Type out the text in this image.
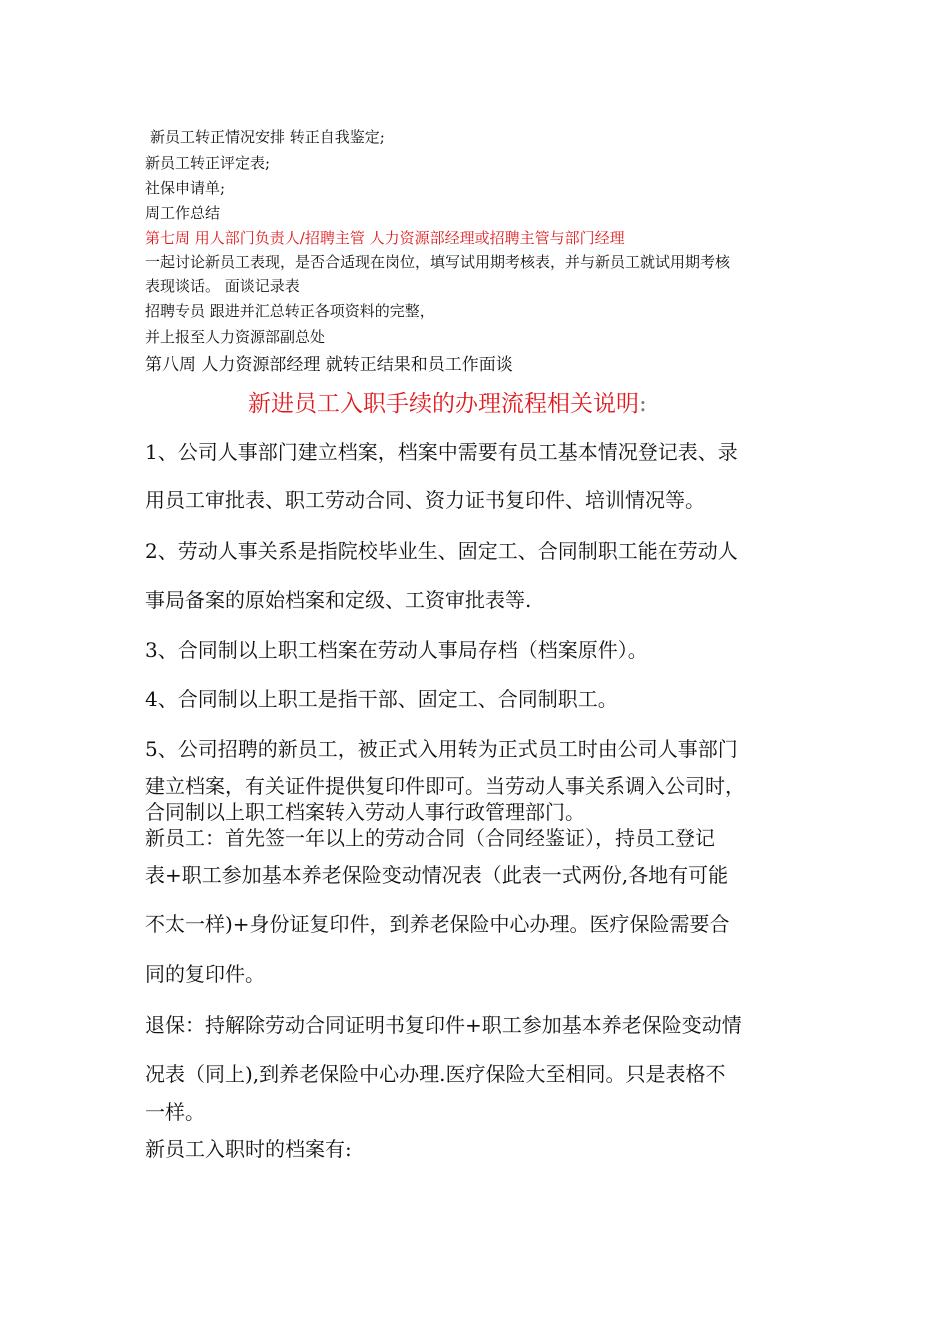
新员工转正情况安排 转正自我鉴定;
新员工转正评定表;
社保申请单;
周工作总结
第七周 用人部门负责人/招聘主管 人力资源部经理或招聘主管与部门经理
一起讨论新员工表现，是否合适现在岗位，填写试用期考核表，并与新员工就试用期考核
表现谈话。 面谈记录表
招聘专员 跟进并汇总转正各项资料的完整，
并上报至人力资源部副总处
第八周 人力资源部经理 就转正结果和员工作面谈
新进员工入职手续的办理流程相关说明:
1、公司人事部门建立档案，档案中需要有员工基本情况登记表、录
用员工审批表、职工劳动合同、资力证书复印件、培训情况等。
2、劳动人事关系是指院校毕业生、固定工、合同制职工能在劳动人
事局备案的原始档案和定级、工资审批表等.
3、合同制以上职工档案在劳动人事局存档（档案原件）。
4、合同制以上职工是指干部、固定工、合同制职工。
5、公司招聘的新员工，被正式入用转为正式员工时由公司人事部门
建立档案，有关证件提供复印件即可。当劳动人事关系调入公司时，
合同制以上职工档案转入劳动人事行政管理部门。
新员工：首先签一年以上的劳动合同（合同经鉴证），持员工登记
表+职工参加基本养老保险变动情况表（此表一式两份,各地有可能
不太一样)+身份证复印件，到养老保险中心办理。医疗保险需要合
同的复印件。
退保：持解除劳动合同证明书复印件+职工参加基本养老保险变动情
况表（同上),到养老保险中心办理.医疗保险大至相同。只是表格不
一样。
新员工入职时的档案有:
